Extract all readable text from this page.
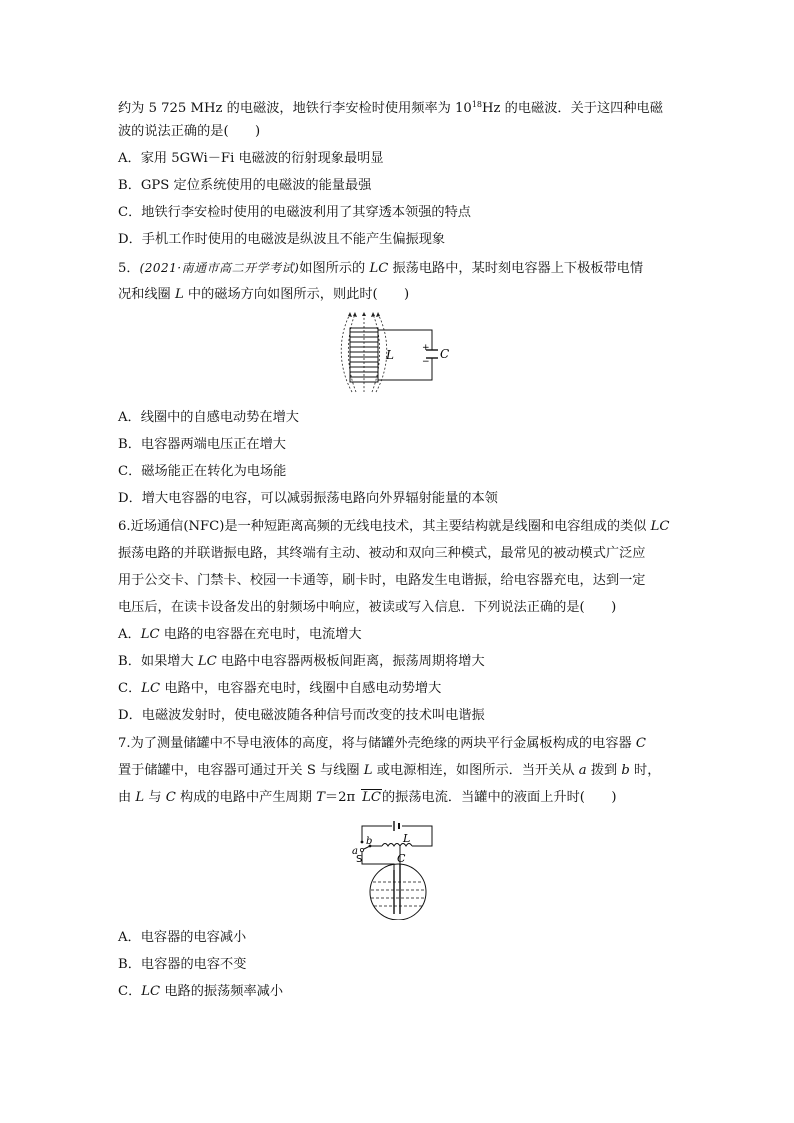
约为 5 725 MHz 的电磁波，地铁行李安检时使用频率为 $10^{18}Hz$ 的电磁波．关于这四种电磁
波的说法正确的是(　　)
A．家用 5GWi－Fi 电磁波的衍射现象最明显
B．GPS 定位系统使用的电磁波的能量最强
C．地铁行李安检时使用的电磁波利用了其穿透本领强的特点
D．手机工作时使用的电磁波是纵波且不能产生偏振现象
5．(2021·南通市高二开学考试)如图所示的 LC 振荡电路中，某时刻电容器上下极板带电情
况和线圈 L 中的磁场方向如图所示，则此时(　　)
+
−
L	C
A．线圈中的自感电动势在增大
B．电容器两端电压正在增大
C．磁场能正在转化为电场能
D．增大电容器的电容，可以减弱振荡电路向外界辐射能量的本领
6.近场通信(NFC)是一种短距离高频的无线电技术，其主要结构就是线圈和电容组成的类似 LC
振荡电路的并联谐振电路，其终端有主动、被动和双向三种模式，最常见的被动模式广泛应
用于公交卡、门禁卡、校园一卡通等，刷卡时，电路发生电谐振，给电容器充电，达到一定
电压后，在读卡设备发出的射频场中响应，被读或写入信息．下列说法正确的是(　　)
A．LC 电路的电容器在充电时，电流增大
B．如果增大 LC 电路中电容器两极板间距离，振荡周期将增大
C．LC 电路中，电容器充电时，线圈中自感电动势增大
D．电磁波发射时，使电磁波随各种信号而改变的技术叫电谐振
7.为了测量储罐中不导电液体的高度，将与储罐外壳绝缘的两块平行金属板构成的电容器 C
置于储罐中，电容器可通过开关 S 与线圈 L 或电源相连，如图所示．当开关从 a 拨到 b 时，
由 L 与 C 构成的电路中产生周期 T＝2π LC的振荡电流．当罐中的液面上升时(　　)
L
C
a
b
S
A．电容器的电容减小
B．电容器的电容不变
C．LC 电路的振荡频率减小
